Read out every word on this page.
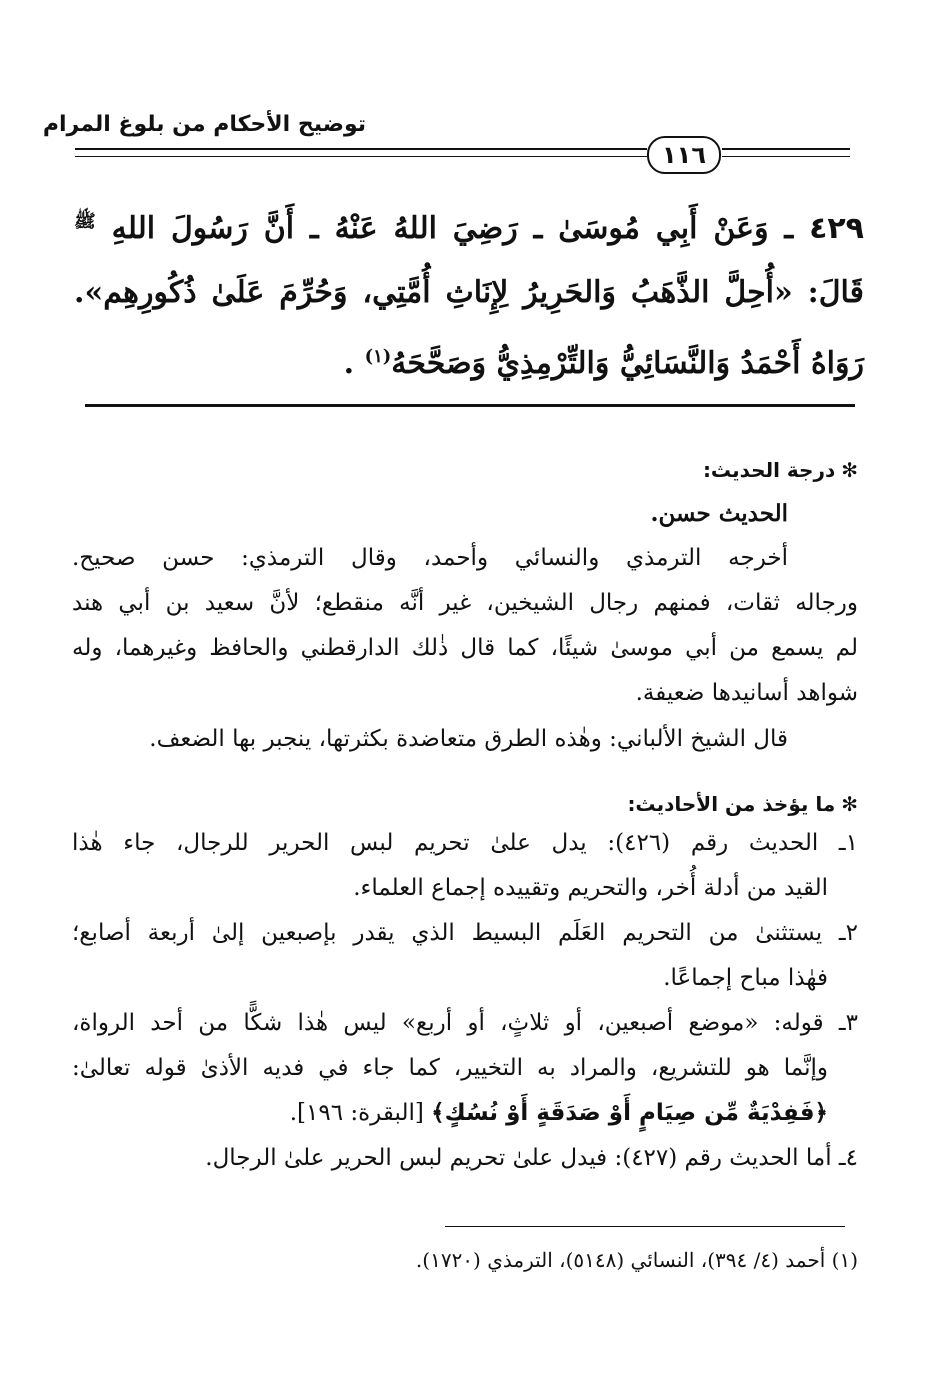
توضيح الأحكام من بلوغ المرام
١١٦
٤٢٩ ـ وَعَنْ أَبِي مُوسَىٰ ـ رَضِيَ اللهُ عَنْهُ ـ أَنَّ رَسُولَ اللهِ $^ﷺ$
قَالَ: «أُحِلَّ الذَّهَبُ وَالحَرِيرُ لِإِنَاثِ أُمَّتِي، وَحُرِّمَ عَلَىٰ ذُكُورِهِم».
رَوَاهُ أَحْمَدُ وَالنَّسَائِيُّ وَالتِّرْمِذِيُّ وَصَحَّحَهُ$^{(١)}$ .
✻درجة الحديث:
الحديث حسن.
أخرجه الترمذي والنسائي وأحمد، وقال الترمذي: حسن صحيح.
ورجاله ثقات، فمنهم رجال الشيخين، غير أنَّه منقطع؛ لأنَّ سعيد بن أبي هند
لم يسمع من أبي موسىٰ شيئًا، كما قال ذٰلك الدارقطني والحافظ وغيرهما، وله
شواهد أسانيدها ضعيفة.
قال الشيخ الألباني: وهٰذه الطرق متعاضدة بكثرتها، ينجبر بها الضعف.
✻ما يؤخذ من الأحاديث:
١ـ الحديث رقم (٤٢٦): يدل علىٰ تحريم لبس الحرير للرجال، جاء هٰذا
القيد من أدلة أُخر، والتحريم وتقييده إجماع العلماء.
٢ـ يستثنىٰ من التحريم العَلَم البسيط الذي يقدر بإصبعين إلىٰ أربعة أصابع؛
فهٰذا مباح إجماعًا.
٣ـ قوله: «موضع أصبعين، أو ثلاثٍ، أو أربع» ليس هٰذا شكًّا من أحد الرواة،
وإنَّما هو للتشريع، والمراد به التخيير، كما جاء في فديه الأذىٰ قوله تعالىٰ:
﴿فَفِدْيَةٌ مِّن صِيَامٍ أَوْ صَدَقَةٍ أَوْ نُسُكٍ﴾ [البقرة: ١٩٦].
٤ـ أما الحديث رقم (٤٢٧): فيدل علىٰ تحريم لبس الحرير علىٰ الرجال.
(١) أحمد (٤/ ٣٩٤)، النسائي (٥١٤٨)، الترمذي (١٧٢٠).
